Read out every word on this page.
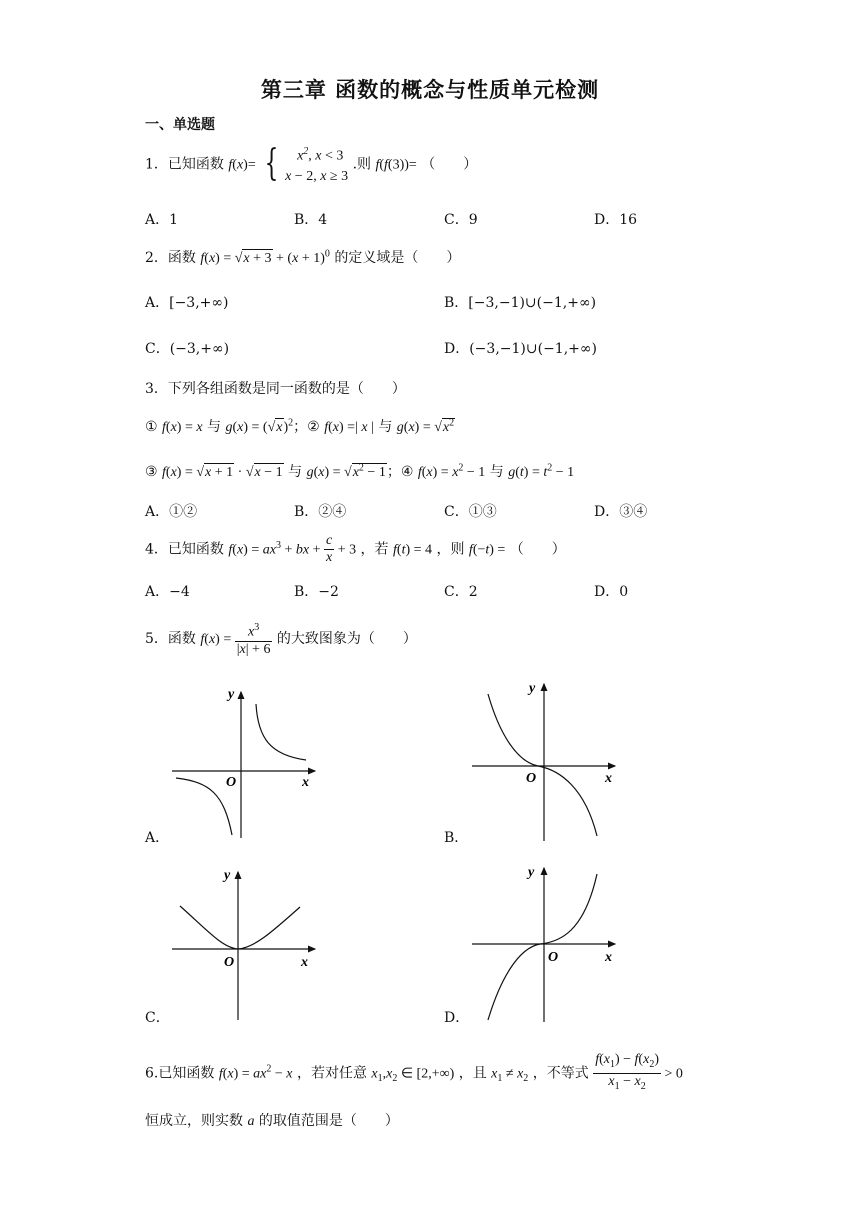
第三章 函数的概念与性质单元检测
一、单选题
1．已知函数 f(x)= {	$x^2$, x < 3
x − 2, x ≥ 3
.则 f(f(3))= （　　）
A．1	B．4	C．9	D．16
2．函数 $f(x) = √x + 3 + (x + 1)^0$ 的定义域是（　　）
A．[−3,+∞)	B．[−3,−1)∪(−1,+∞)
C．(−3,+∞)	D．(−3,−1)∪(−1,+∞)
3．下列各组函数是同一函数的是（　　）
① f(x) = x 与 $g(x) = (√x)^2$；② f(x) =| x | 与 $g(x) = √x^2$
③ f(x) = √x + 1 · √x − 1 与 $g(x) = √x^2 - 1$；④ $f(x) = x^2 - 1$ 与 $g(t) = t^2 - 1$
A．①②	B．②④	C．①③	D．③④
4．已知函数 $f(x) = ax^3$ + bx + $\frac{c}{x} + 3$ ，若 f(t) = 4 ，则 f(−t) = （　　）
A．−4	B．−2	C．2	D．0
5．函数 $f(x) = \frac{x^3}{|x| + 6}$ 的大致图象为（　　）
y
O	x
A．
y
O	x
B．
y
O	x
C．
y
O	x
D．
6.已知函数 $f(x) = ax^2 - x$ ，若对任意 $x_1,x_2$ ∈ [2,+∞) ，且 $x_1 \ne x_2$ ，不等式 $\frac{f(x_1) - f(x_2)}{x_1 - x_2} > 0$
恒成立，则实数 a 的取值范围是（　　）
